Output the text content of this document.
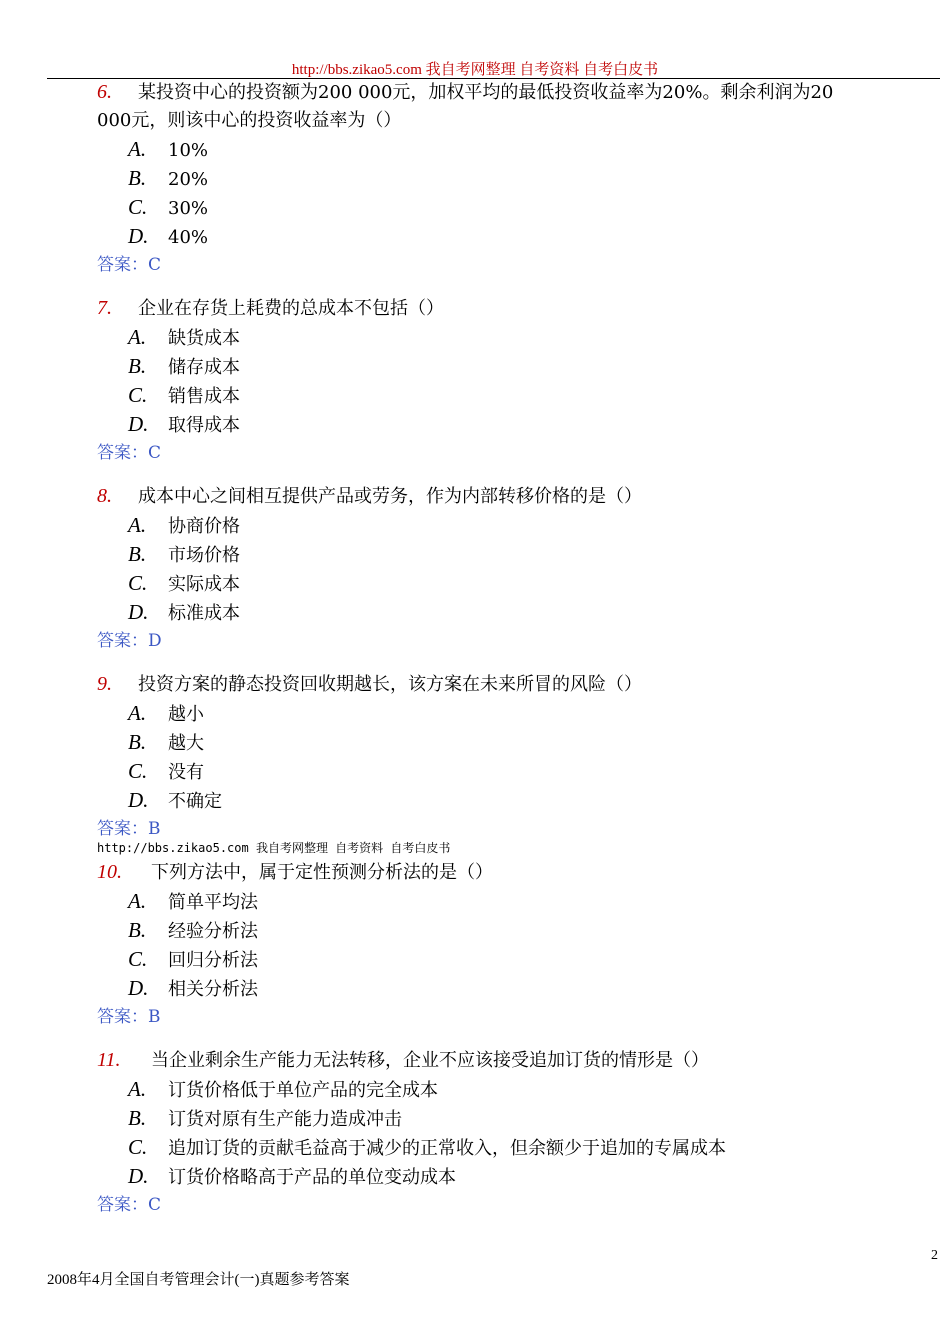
http://bbs.zikao5.com 我自考网整理 自考资料 自考白皮书
6. 某投资中心的投资额为200 000元，加权平均的最低投资收益率为20%。剩余利润为20
000元，则该中心的投资收益率为（）
A. 10%
B. 20%
C. 30%
D. 40%
答案：C
7. 企业在存货上耗费的总成本不包括（）
A. 缺货成本
B. 储存成本
C. 销售成本
D. 取得成本
答案：C
8. 成本中心之间相互提供产品或劳务，作为内部转移价格的是（）
A. 协商价格
B. 市场价格
C. 实际成本
D. 标准成本
答案：D
9. 投资方案的静态投资回收期越长，该方案在未来所冒的风险（）
A. 越小
B. 越大
C. 没有
D. 不确定
答案：B
http://bbs.zikao5.com 我自考网整理 自考资料 自考白皮书
10. 下列方法中，属于定性预测分析法的是（）
A. 简单平均法
B. 经验分析法
C. 回归分析法
D. 相关分析法
答案：B
11. 当企业剩余生产能力无法转移，企业不应该接受追加订货的情形是（）
A. 订货价格低于单位产品的完全成本
B. 订货对原有生产能力造成冲击
C. 追加订货的贡献毛益高于减少的正常收入，但余额少于追加的专属成本
D. 订货价格略高于产品的单位变动成本
答案：C
2
2008年4月全国自考管理会计(一)真题参考答案
